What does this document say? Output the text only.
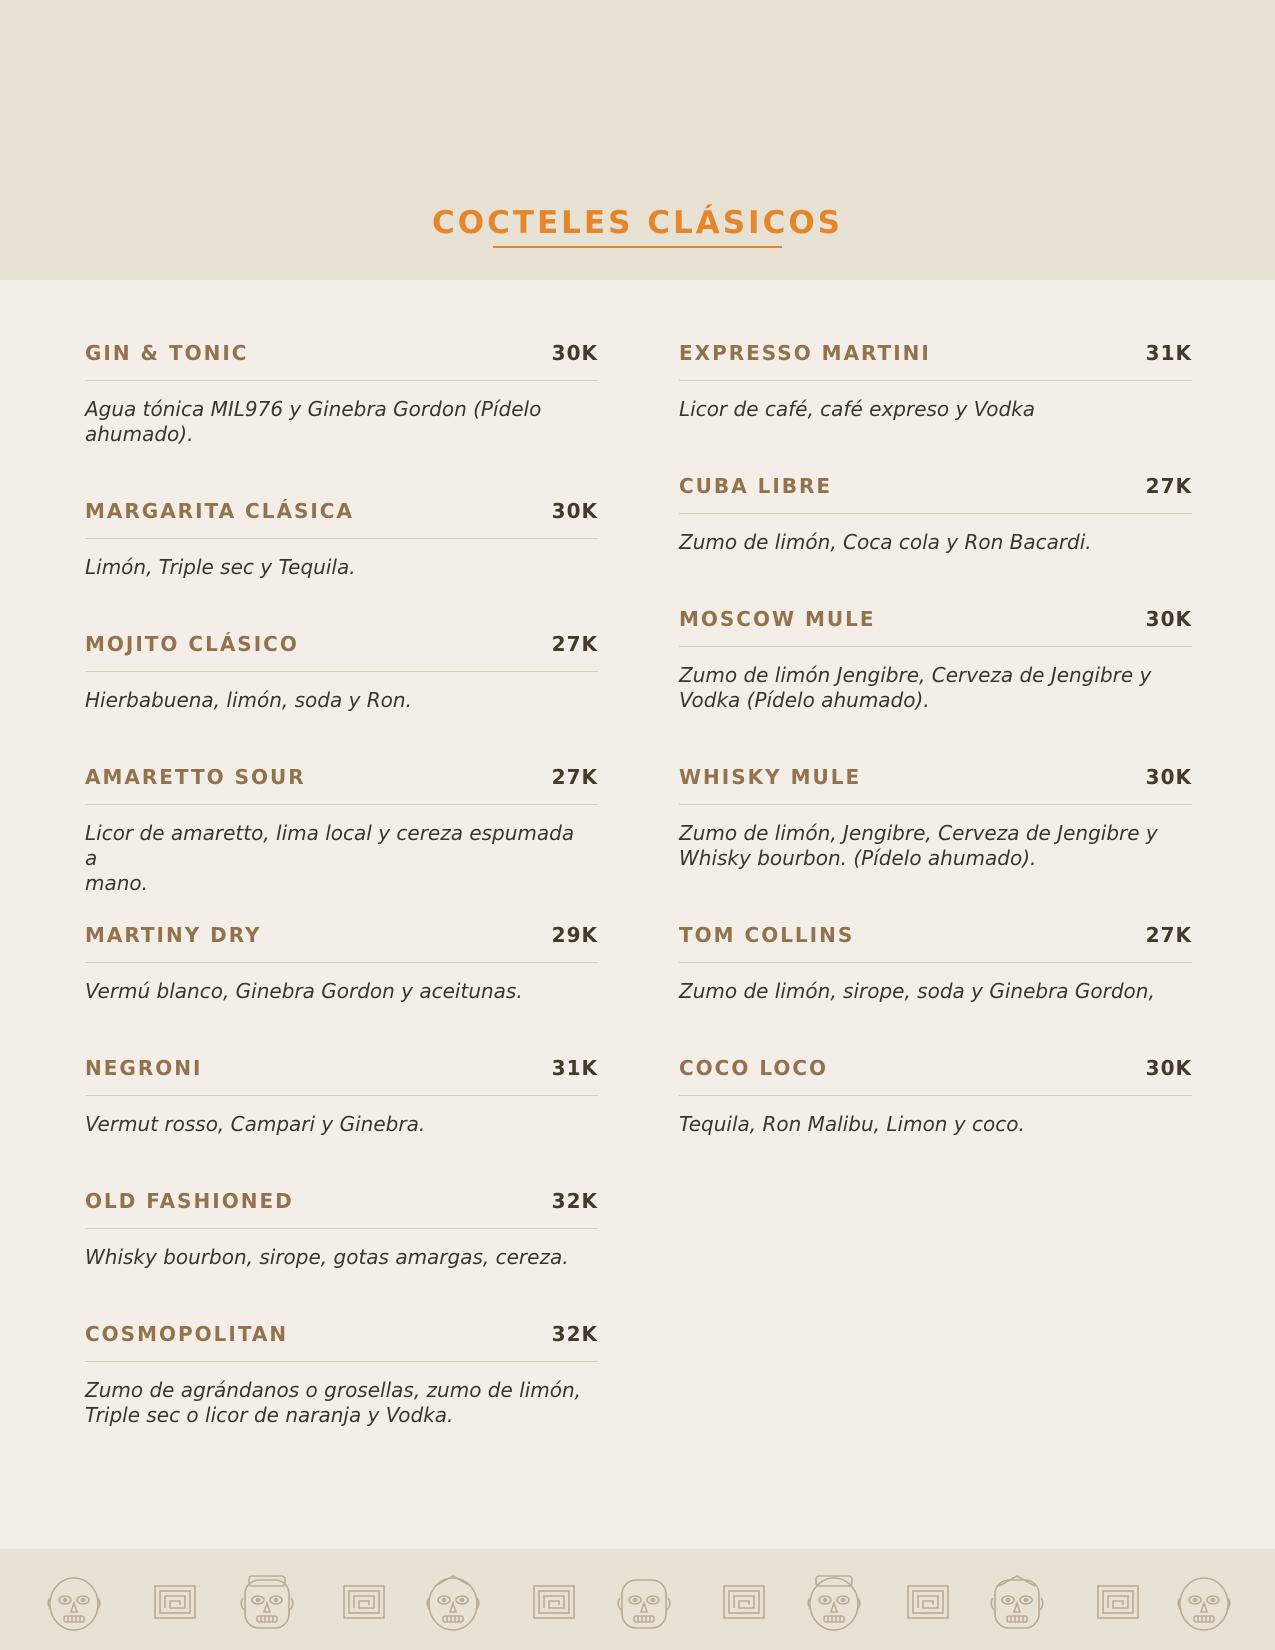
COCTELES CLÁSICOS
GIN & TONIC	30K
Agua tónica MIL976 y Ginebra Gordon (Pídelo
ahumado).
MARGARITA CLÁSICA	30K
Limón, Triple sec y Tequila.
MOJITO CLÁSICO	27K
Hierbabuena, limón, soda y Ron.
AMARETTO SOUR	27K
Licor de amaretto, lima local y cereza espumada a
mano.
MARTINY DRY	29K
Vermú blanco, Ginebra Gordon y aceitunas.
NEGRONI	31K
Vermut rosso, Campari y Ginebra.
OLD FASHIONED	32K
Whisky bourbon, sirope, gotas amargas, cereza.
COSMOPOLITAN	32K
Zumo de agrándanos o grosellas, zumo de limón,
Triple sec o licor de naranja y Vodka.
EXPRESSO MARTINI	31K
Licor de café, café expreso y Vodka
CUBA LIBRE	27K
Zumo de limón, Coca cola y Ron Bacardi.
MOSCOW MULE	30K
Zumo de limón Jengibre, Cerveza de Jengibre y
Vodka (Pídelo ahumado).
WHISKY MULE	30K
Zumo de limón, Jengibre, Cerveza de Jengibre y
Whisky bourbon. (Pídelo ahumado).
TOM COLLINS	27K
Zumo de limón, sirope, soda y Ginebra Gordon,
COCO LOCO	30K
Tequila, Ron Malibu, Limon y coco.
